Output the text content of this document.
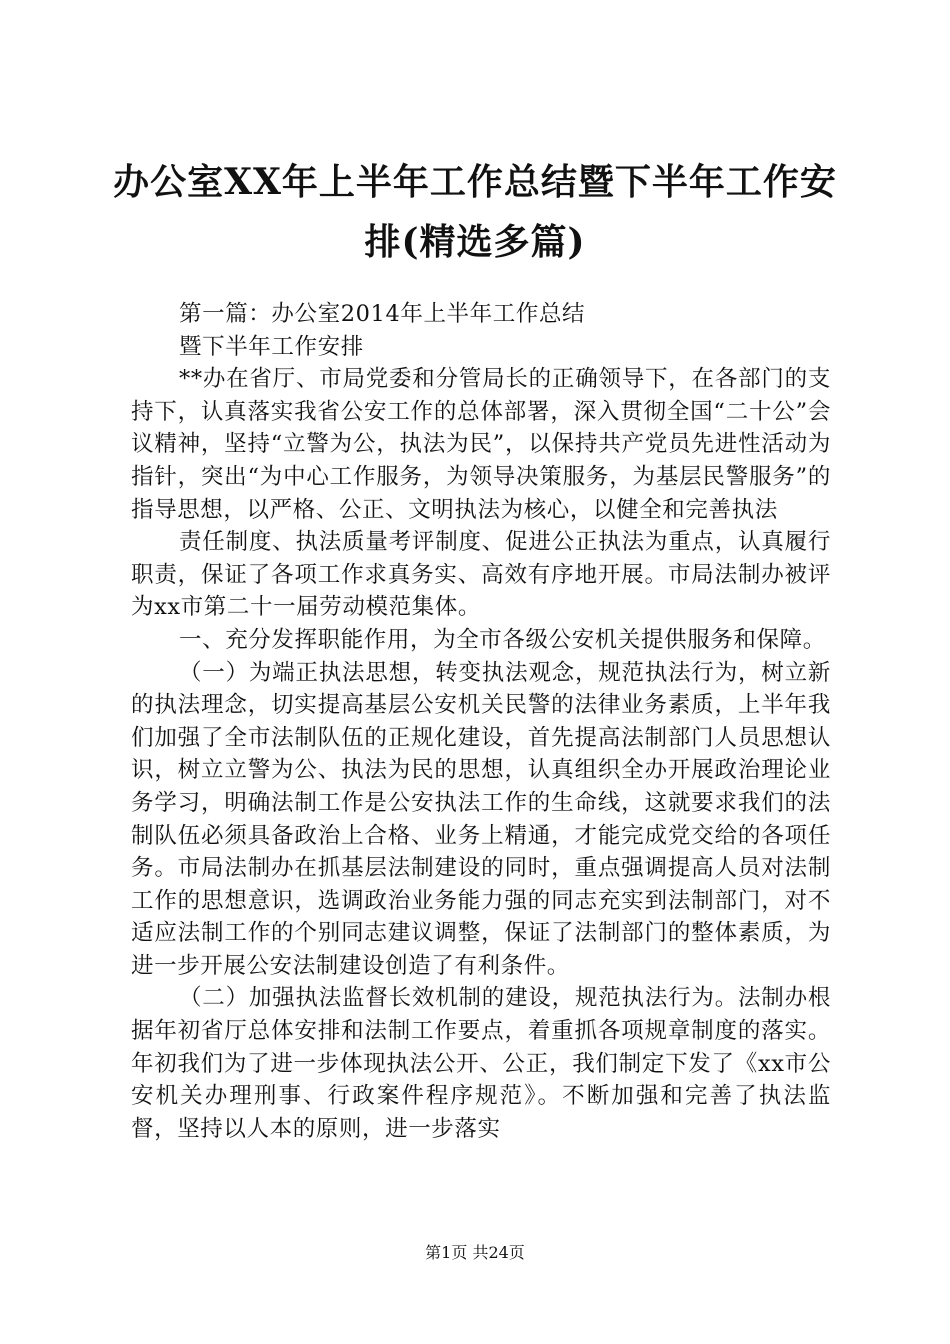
办公室XX年上半年工作总结暨下半年工作安
排(精选多篇)

第一篇：办公室2014年上半年工作总结

暨下半年工作安排

**办在省厅、市局党委和分管局长的正确领导下，在各部门的支持下，认真落实我省公安工作的总体部署，深入贯彻全国“二十公”会议精神，坚持“立警为公，执法为民”，以保持共产党员先进性活动为指针，突出“为中心工作服务，为领导决策服务，为基层民警服务”的指导思想，以严格、公正、文明执法为核心，以健全和完善执法

责任制度、执法质量考评制度、促进公正执法为重点，认真履行职责，保证了各项工作求真务实、高效有序地开展。市局法制办被评为xx市第二十一届劳动模范集体。

一、充分发挥职能作用，为全市各级公安机关提供服务和保障。

（一）为端正执法思想，转变执法观念，规范执法行为，树立新的执法理念，切实提高基层公安机关民警的法律业务素质，上半年我们加强了全市法制队伍的正规化建设，首先提高法制部门人员思想认识，树立立警为公、执法为民的思想，认真组织全办开展政治理论业务学习，明确法制工作是公安执法工作的生命线，这就要求我们的法制队伍必须具备政治上合格、业务上精通，才能完成党交给的各项任务。市局法制办在抓基层法制建设的同时，重点强调提高人员对法制工作的思想意识，选调政治业务能力强的同志充实到法制部门，对不适应法制工作的个别同志建议调整，保证了法制部门的整体素质，为进一步开展公安法制建设创造了有利条件。

（二）加强执法监督长效机制的建设，规范执法行为。法制办根据年初省厅总体安排和法制工作要点，着重抓各项规章制度的落实。年初我们为了进一步体现执法公开、公正，我们制定下发了《xx市公安机关办理刑事、行政案件程序规范》。不断加强和完善了执法监督，坚持以人本的原则，进一步落实

第1页 共24页
